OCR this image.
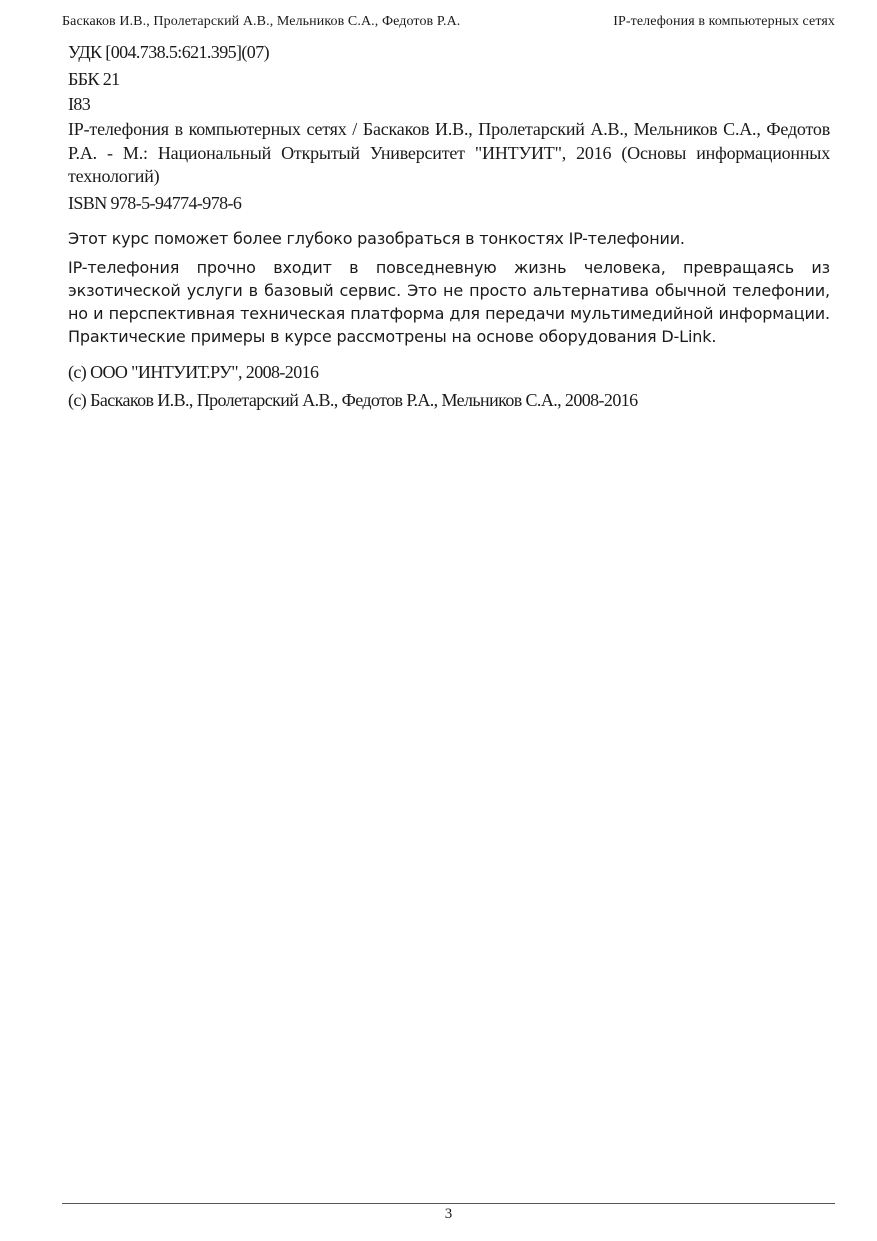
Баскаков И.В., Пролетарский А.В., Мельников С.А., Федотов Р.А.	IP-телефония в компьютерных сетях
УДК [004.738.5:621.395](07)
ББК 21
I83
IP-телефония в компьютерных сетях / Баскаков И.В., Пролетарский А.В., Мельников С.А., Федотов Р.А. - М.: Национальный Открытый Университет "ИНТУИТ", 2016 (Основы информационных технологий)
ISBN 978-5-94774-978-6
Этот курс поможет более глубоко разобраться в тонкостях IP-телефонии.
IP-телефония прочно входит в повседневную жизнь человека, превращаясь из экзотической услуги в базовый сервис. Это не просто альтернатива обычной телефонии, но и перспективная техническая платформа для передачи мультимедийной информации. Практические примеры в курсе рассмотрены на основе оборудования D-Link.
(c) ООО "ИНТУИТ.РУ", 2008-2016
(c) Баскаков И.В., Пролетарский А.В., Федотов Р.А., Мельников С.А., 2008-2016
3
